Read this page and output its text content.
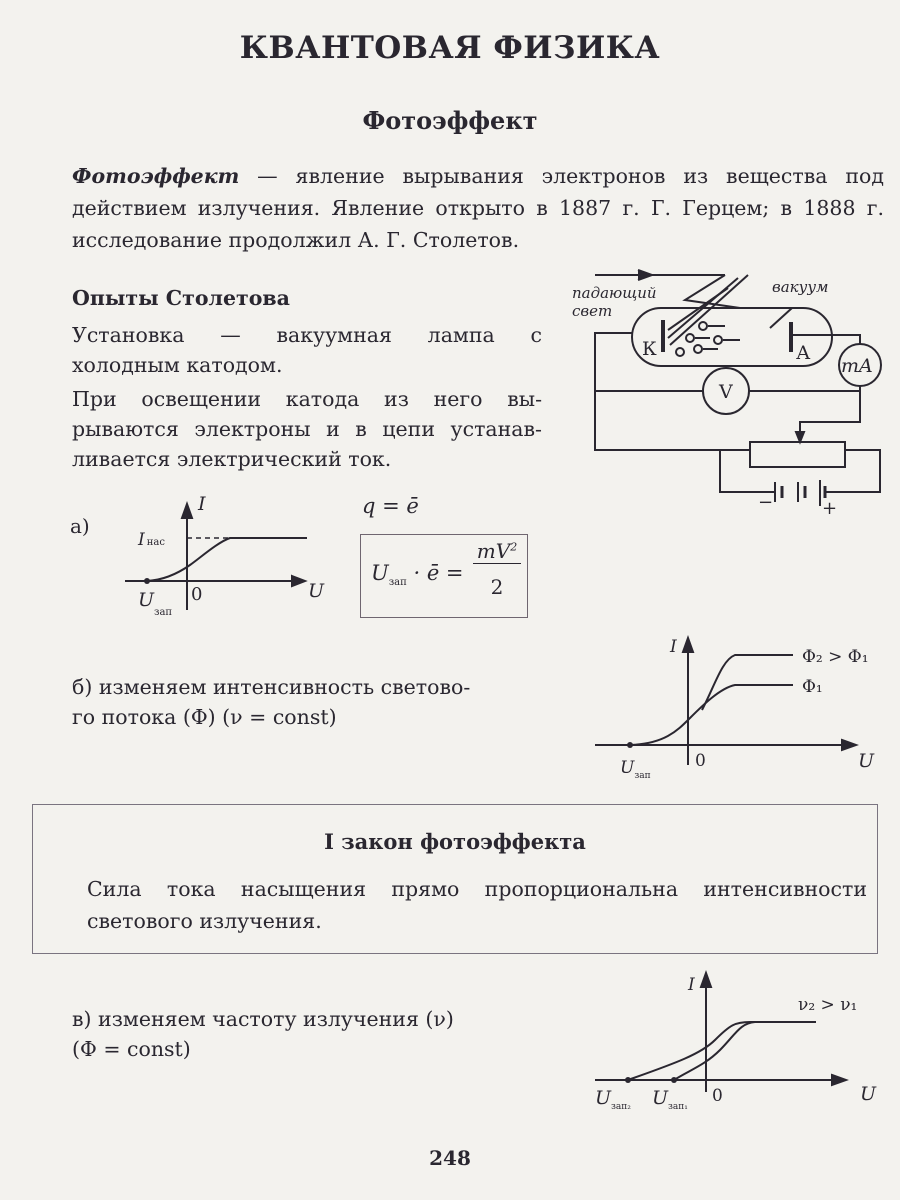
КВАНТОВАЯ ФИЗИКА
Фотоэффект
Фотоэффект — явление вырывания электронов из вещества под действием излучения. Явление открыто в 1887 г. Г. Герцем; в 1888 г. исследование продолжил А. Г. Столетов.
Опыты Столетова
Установка — вакуумная лампа с
холодным катодом.
При освещении катода из него вы-
рываются электроны и в цепи устанав-
ливается электрический ток.
падающий
свет
вакуум
К	А
mA
V
−	+
а)
I
U
Iнас
$U_{зап}$
0
q = ē
$U_{зап}$ · ē =
$mV^2$
2
б) изменяем интенсивность светово-
го потока (Φ) (ν = const)
I
U
0
$U_{зап}$
Φ₂ > Φ₁
Φ₁
I закон фотоэффекта
Сила тока насыщения прямо пропорциональна интенсивности светового излучения.
в) изменяем частоту излучения (ν)
(Φ = const)
I
U
0
$U_{зап_2}$ $U_{зап_1}$
ν₂ > ν₁
248
